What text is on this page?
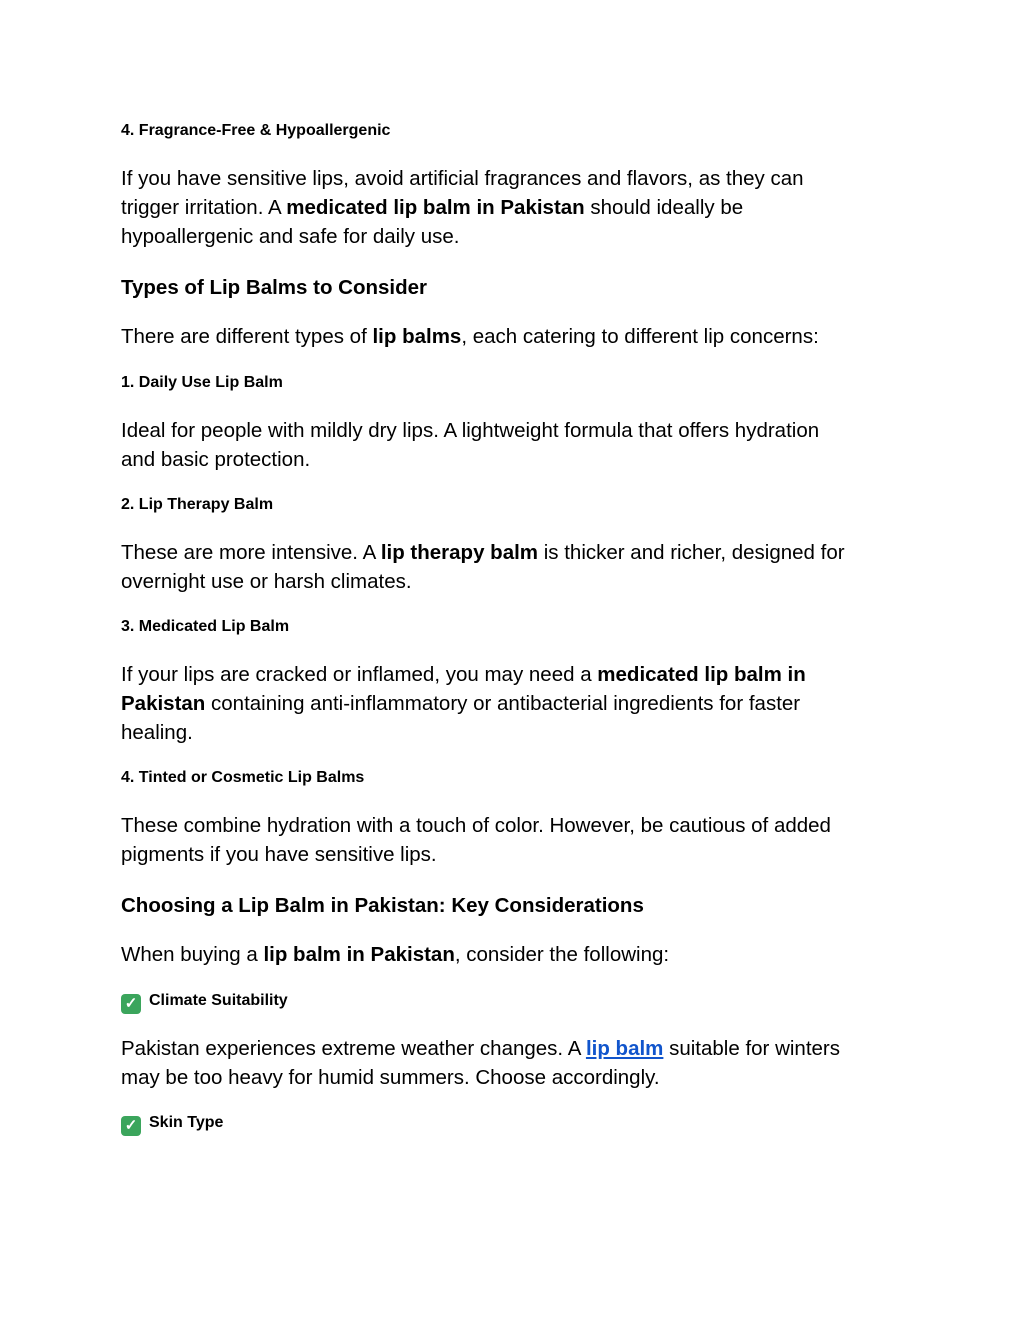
4. Fragrance-Free & Hypoallergenic
If you have sensitive lips, avoid artificial fragrances and flavors, as they can
trigger irritation. A medicated lip balm in Pakistan should ideally be
hypoallergenic and safe for daily use.
Types of Lip Balms to Consider
There are different types of lip balms, each catering to different lip concerns:
1. Daily Use Lip Balm
Ideal for people with mildly dry lips. A lightweight formula that offers hydration
and basic protection.
2. Lip Therapy Balm
These are more intensive. A lip therapy balm is thicker and richer, designed for
overnight use or harsh climates.
3. Medicated Lip Balm
If your lips are cracked or inflamed, you may need a medicated lip balm in
Pakistan containing anti-inflammatory or antibacterial ingredients for faster
healing.
4. Tinted or Cosmetic Lip Balms
These combine hydration with a touch of color. However, be cautious of added
pigments if you have sensitive lips.
Choosing a Lip Balm in Pakistan: Key Considerations
When buying a lip balm in Pakistan, consider the following:
✓ Climate Suitability
Pakistan experiences extreme weather changes. A lip balm suitable for winters
may be too heavy for humid summers. Choose accordingly.
✓ Skin Type
